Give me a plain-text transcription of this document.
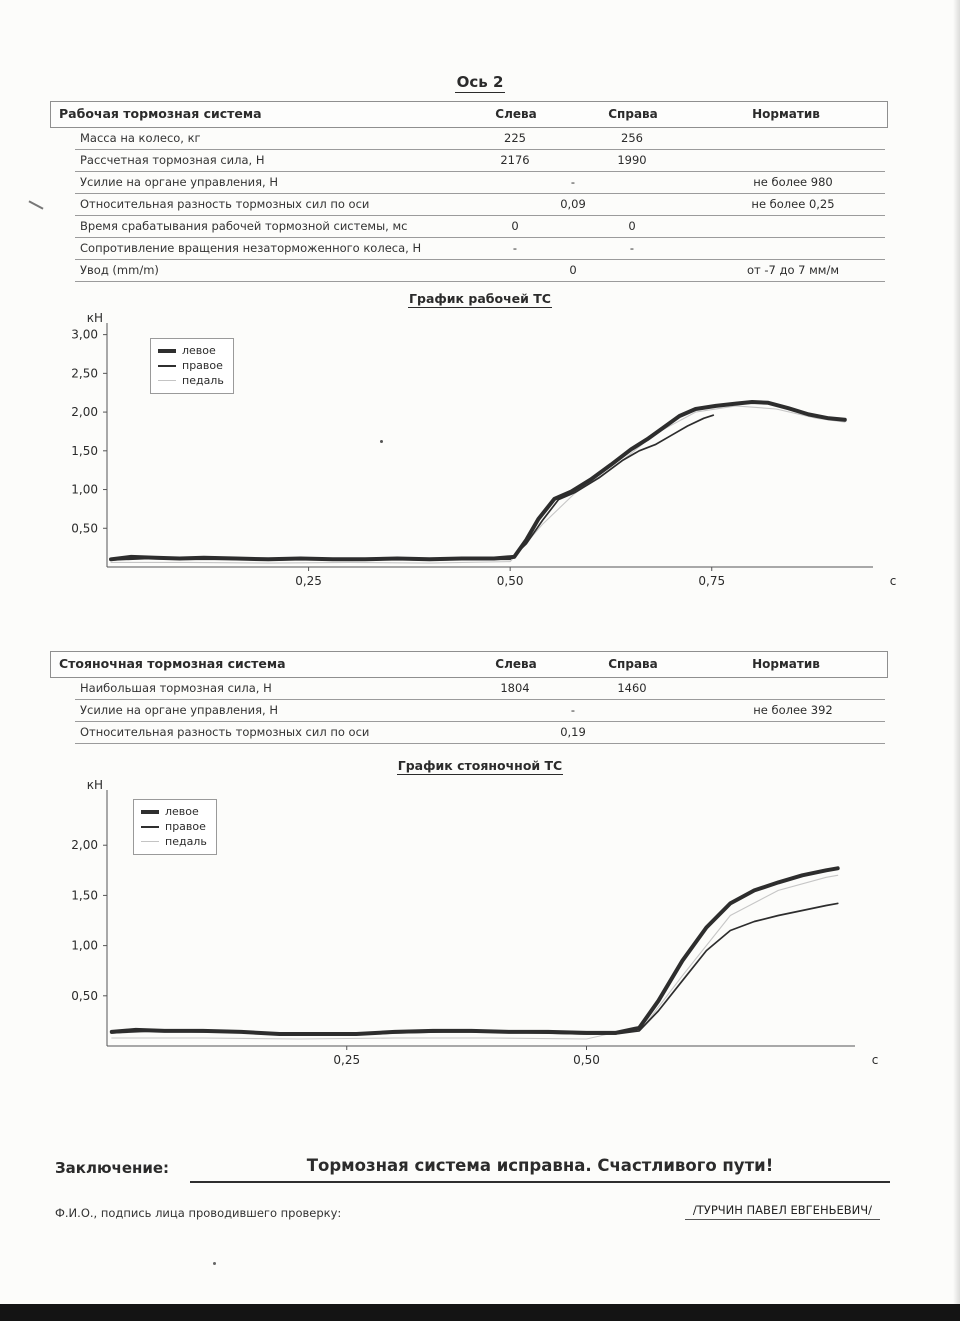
Ось 2
Рабочая тормозная система	Слева	Справа	Норматив
Масса на колесо, кг	225	256
Рассчетная тормозная сила, Н	2176	1990
Усилие на органе управления, Н	-	не более 980
Относительная разность тормозных сил по оси	0,09	не более 0,25
Время срабатывания рабочей тормозной системы, мс	0	0
Сопротивление вращения незаторможенного колеса, Н	-	-
Увод (mm/m)	0	от -7 до 7 мм/м
График рабочей ТС
0,50
1,00
1,50
2,00
2,50
3,00
0,25	0,50	0,75
кН
с
левое
правое
педаль
Стояночная тормозная система	Слева	Справа	Норматив
Наибольшая тормозная сила, Н	1804	1460
Усилие на органе управления, Н	-	не более 392
Относительная разность тормозных сил по оси	0,19
График стояночной ТС
0,50
1,00
1,50
2,00
0,25	0,50
кН
с
левое
правое
педаль
Заключение:	Тормозная система исправна. Счастливого пути!
Ф.И.О., подпись лица проводившего проверку:	/ТУРЧИН ПАВЕЛ ЕВГЕНЬЕВИЧ/
